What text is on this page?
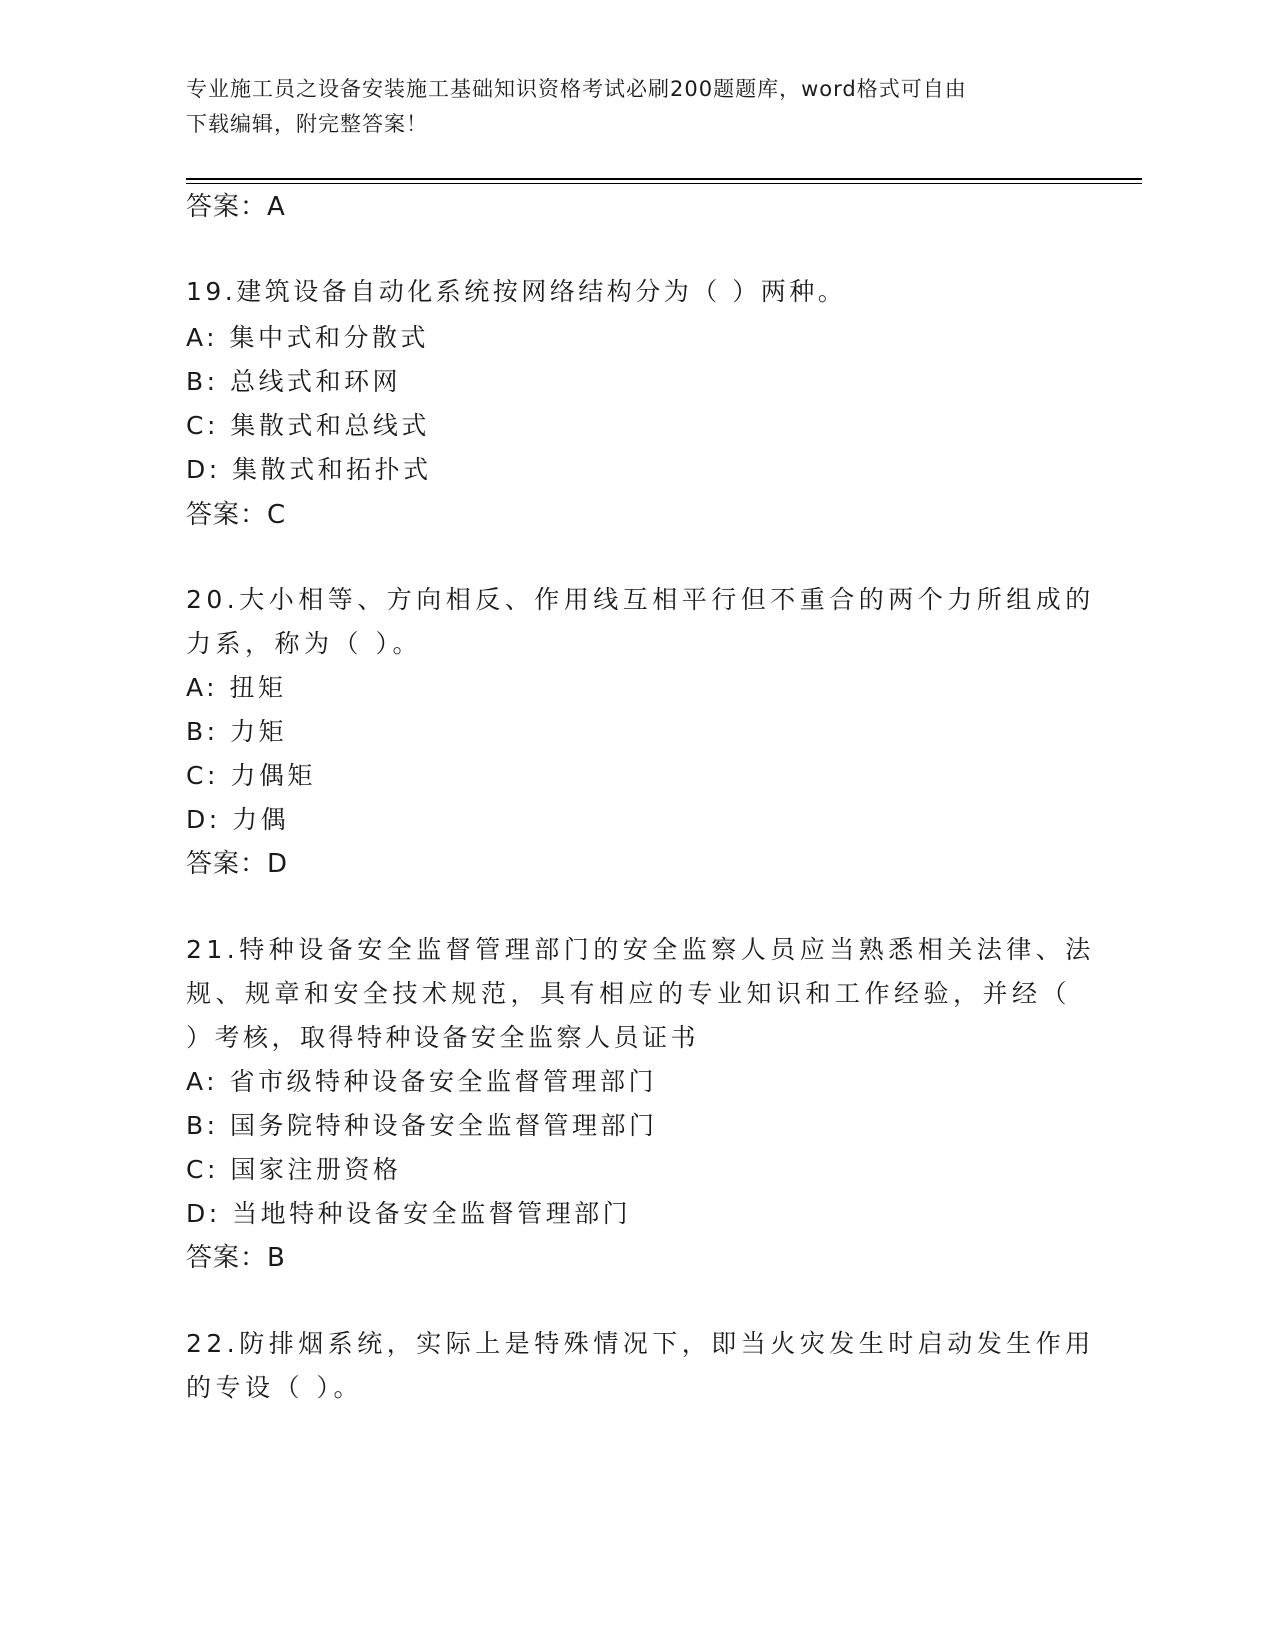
专业施工员之设备安装施工基础知识资格考试必刷200题题库，word格式可自由
下载编辑，附完整答案！
答案：A
19.建筑设备自动化系统按网络结构分为（ ）两种。
A: 集中式和分散式
B: 总线式和环网
C: 集散式和总线式
D: 集散式和拓扑式
答案：C
20.大小相等、方向相反、作用线互相平行但不重合的两个力所组成的
力系，称为（ ）。
A: 扭矩
B: 力矩
C: 力偶矩
D: 力偶
答案：D
21.特种设备安全监督管理部门的安全监察人员应当熟悉相关法律、法
规、规章和安全技术规范，具有相应的专业知识和工作经验，并经（
）考核，取得特种设备安全监察人员证书
A: 省市级特种设备安全监督管理部门
B: 国务院特种设备安全监督管理部门
C: 国家注册资格
D: 当地特种设备安全监督管理部门
答案：B
22.防排烟系统，实际上是特殊情况下，即当火灾发生时启动发生作用
的专设（ ）。
